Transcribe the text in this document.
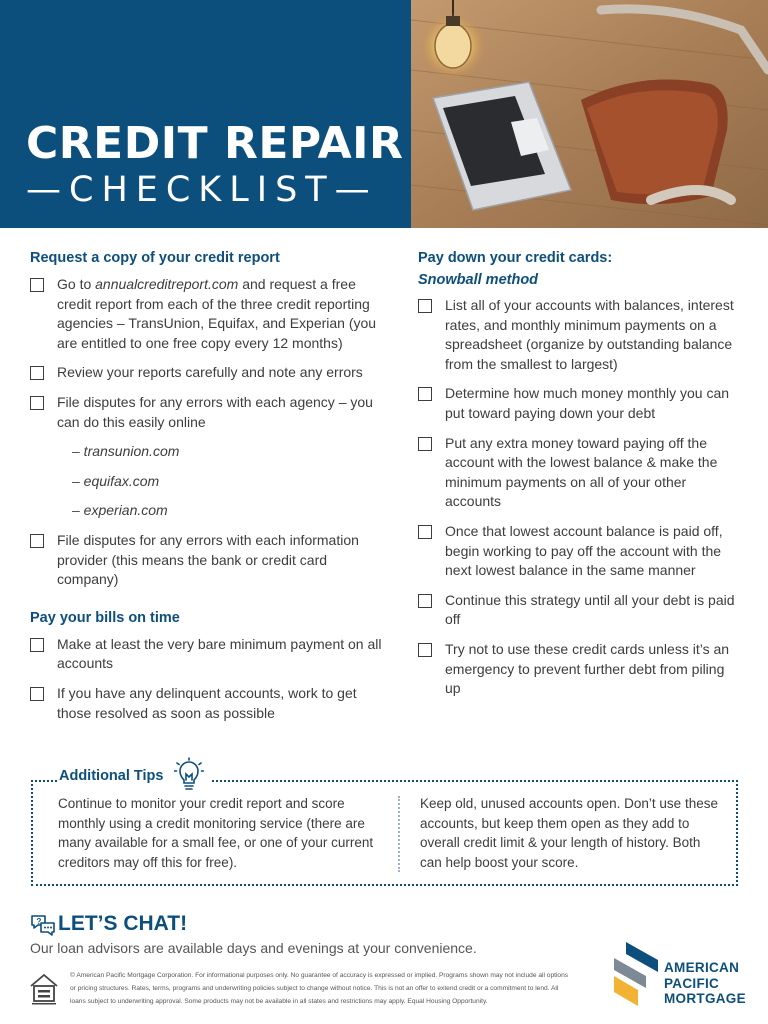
CREDIT REPAIR
—CHECKLIST—
Request a copy of your credit report
Go to annualcreditreport.com and request a free credit report from each of the three credit reporting agencies – TransUnion, Equifax, and Experian (you are entitled to one free copy every 12 months)
Review your reports carefully and note any errors
File disputes for any errors with each agency – you can do this easily online
– transunion.com
– equifax.com
– experian.com
File disputes for any errors with each information provider (this means the bank or credit card company)
Pay your bills on time
Make at least the very bare minimum payment on all accounts
If you have any delinquent accounts, work to get those resolved as soon as possible
Pay down your credit cards:
Snowball method
List all of your accounts with balances, interest rates, and monthly minimum payments on a spreadsheet (organize by outstanding balance from the smallest to largest)
Determine how much money monthly you can put toward paying down your debt
Put any extra money toward paying off the account with the lowest balance & make the minimum payments on all of your other accounts
Once that lowest account balance is paid off, begin working to pay off the account with the next lowest balance in the same manner
Continue this strategy until all your debt is paid off
Try not to use these credit cards unless it’s an emergency to prevent further debt from piling up
Additional Tips
Continue to monitor your credit report and score monthly using a credit monitoring service (there are many available for a small fee, or one of your current creditors may off this for free).
Keep old, unused accounts open. Don’t use these accounts, but keep them open as they add to overall credit limit & your length of history. Both can help boost your score.
? LET’S CHAT!
Our loan advisors are available days and evenings at your convenience.
© American Pacific Mortgage Corporation. For informational purposes only. No guarantee of accuracy is expressed or implied. Programs shown may not include all options or pricing structures. Rates, terms, programs and underwriting policies subject to change without notice. This is not an offer to extend credit or a commitment to lend. All loans subject to underwriting approval. Some products may not be available in all states and restrictions may apply. Equal Housing Opportunity.
AMERICAN
PACIFIC
MORTGAGE
